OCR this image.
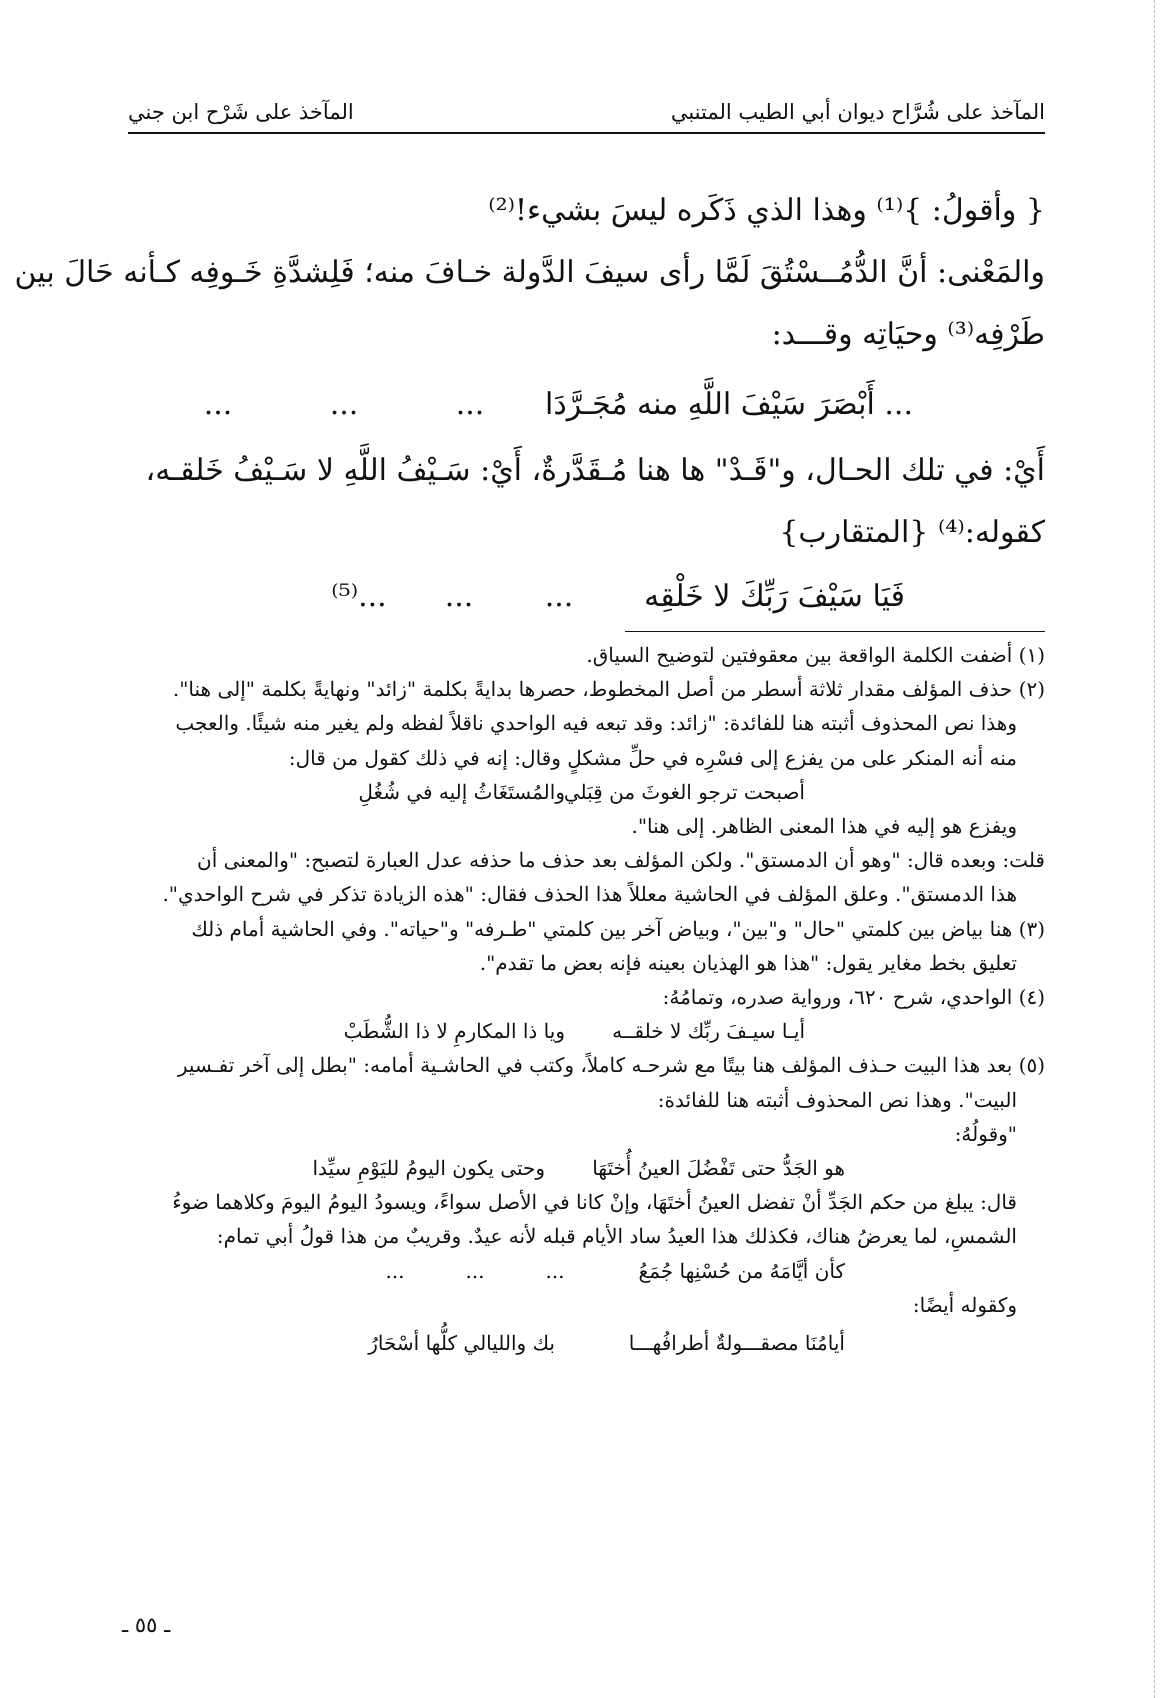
المآخذ على شُرَّاح ديوان أبي الطيب المتنبي
المآخذ على شَرْح ابن جني
{ وأقولُ: }⁽¹⁾ وهذا الذي ذَكَره ليسَ بشيء!⁽²⁾
والمَعْنى: أنَّ الدُّمُــسْتُقَ لَمَّا رأى سيفَ الدَّولة خـافَ منه؛ فَلِشدَّةِ خَـوفِه كـأنه حَالَ بين
طَرْفِه⁽³⁾ وحيَاتِه وقـــد:
... أَبْصَرَ سَيْفَ اللَّهِ منه مُجَـرَّدَا
...
...
...
أَيْ: في تلك الحـال، و"قَـدْ" ها هنا مُـقَدَّرةٌ، أَيْ: سَـيْفُ اللَّهِ لا سَـيْفُ خَلقـه،
كقوله:⁽⁴⁾ {المتقارب}
فَيَا سَيْفَ رَبِّكَ لا خَلْقِه
...
...
...⁽⁵⁾
(١) أضفت الكلمة الواقعة بين معقوفتين لتوضيح السياق.
(٢) حذف المؤلف مقدار ثلاثة أسطر من أصل المخطوط، حصرها بدايةً بكلمة "زائد" ونهايةً بكلمة "إلى هنا".
وهذا نص المحذوف أثبته هنا للفائدة: "زائد: وقد تبعه فيه الواحدي ناقلاً لفظه ولم يغير منه شيئًا. والعجب
منه أنه المنكر على من يفزع إلى فسْرِه في حلِّ مشكلٍ وقال: إنه في ذلك كقول من قال:
أصبحت ترجو الغوثَ من قِبَلي
والمُستَغَاثُ إليه في شُغُلِ
ويفزع هو إليه في هذا المعنى الظاهر. إلى هنا".
قلت: وبعده قال: "وهو أن الدمستق". ولكن المؤلف بعد حذف ما حذفه عدل العبارة لتصبح: "والمعنى أن
هذا الدمستق". وعلق المؤلف في الحاشية معللاً هذا الحذف فقال: "هذه الزيادة تذكر في شرح الواحدي".
(٣) هنا بياض بين كلمتي "حال" و"بين"، وبياض آخر بين كلمتي "طـرفه" و"حياته". وفي الحاشية أمام ذلك
تعليق بخط مغاير يقول: "هذا هو الهذيان بعينه فإنه بعض ما تقدم".
(٤) الواحدي، شرح ٦٢٠، ورواية صدره، وتمامُهُ:
أيـا سيـفَ ربِّك لا خلقــه
ويا ذا المكارمِ لا ذا الشُّطَبْ
(٥) بعد هذا البيت حـذف المؤلف هنا بيتًا مع شرحـه كاملاً، وكتب في الحاشـية أمامه: "بطل إلى آخر تفـسير
البيت". وهذا نص المحذوف أثبته هنا للفائدة:
"وقولُهُ:
هو الجَدُّ حتى تَفْضُلَ العينُ أُختَهَا
وحتى يكون اليومُ لليَوْمِ سيِّدا
قال: يبلغ من حكم الجَدِّ أنْ تفضل العينُ أختَهَا، وإنْ كانا في الأصل سواءً، ويسودُ اليومُ اليومَ وكلاهما ضوءُ
الشمسِ، لما يعرضُ هناك، فكذلك هذا العيدُ ساد الأيام قبله لأنه عيدٌ. وقريبٌ من هذا قولُ أبي تمام:
كأن أيَّامَهُ من حُسْنِها جُمَعُ
...
...
...
وكقوله أيضًا:
أيامُنَا مصقـــولةٌ أطرافُهـــا
بك والليالي كلُّها أسْحَارُ
ـ ٥٥ ـ
